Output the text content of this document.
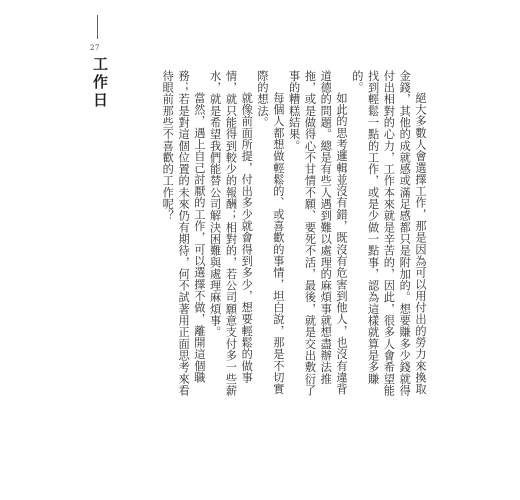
27
工作日

絕大多數人會選擇工作，那是因為可以用付出的勞力來換取金錢，其他的成就感或滿足感都只是附加的。想要賺多少錢就得付出相對的心力，工作本來就是辛苦的，因此，很多人會希望能找到輕鬆一點的工作，或是少做一點事，認為這樣就算是多賺的。

如此的思考邏輯並沒有錯，既沒有危害到他人，也沒有違背道德的問題。總是有些人遇到難以處理的麻煩事就想盡辦法推拖，或是做得心不甘情不願、要死不活，最後，就是交出敷衍了事的糟糕結果。

每個人都想做輕鬆的、或喜歡的事情，坦白說，那是不切實際的想法。

就像前面所提，付出多少就會得到多少，想要輕鬆的做事情，就只能得到較少的報酬；相對的，若公司願意支付多一些薪水，就是希望我們能替公司解決困難與處理麻煩事。

當然，遇上自己討厭的工作，可以選擇不做，離開這個職務；若是對這個位置的未來仍有期待，何不試著用正面思考來看待眼前那些不喜歡的工作呢？
